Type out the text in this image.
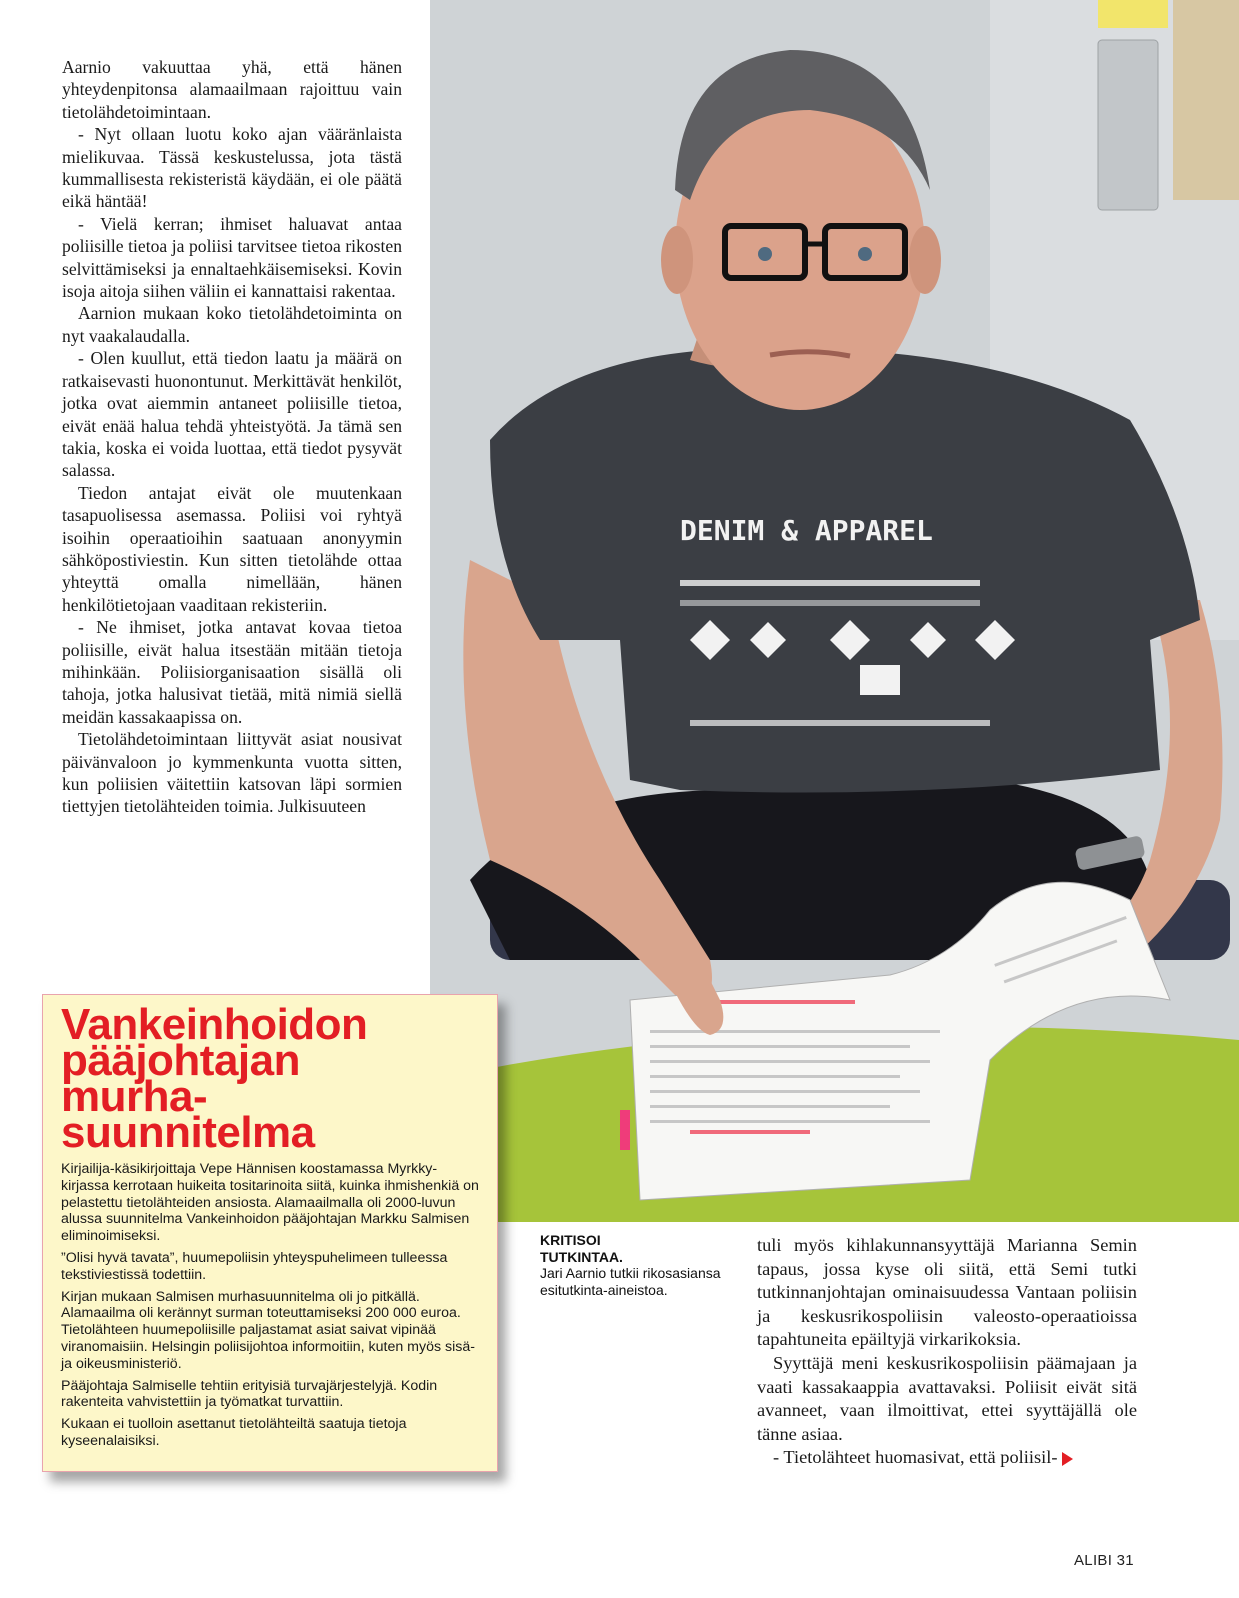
Aarnio vakuuttaa yhä, että hänen yhteydenpitonsa alamaailmaan rajoittuu vain tietolähdetoimintaan.

- Nyt ollaan luotu koko ajan vääränlaista mielikuvaa. Tässä keskustelussa, jota tästä kummallisesta rekisteristä käydään, ei ole päätä eikä häntää!

- Vielä kerran; ihmiset haluavat antaa poliisille tietoa ja poliisi tarvitsee tietoa rikosten selvittämiseksi ja ennaltaehkäisemiseksi. Kovin isoja aitoja siihen väliin ei kannattaisi rakentaa.

Aarnion mukaan koko tietolähdetoiminta on nyt vaakalaudalla.

- Olen kuullut, että tiedon laatu ja määrä on ratkaisevasti huonontunut. Merkittävät henkilöt, jotka ovat aiemmin antaneet poliisille tietoa, eivät enää halua tehdä yhteistyötä. Ja tämä sen takia, koska ei voida luottaa, että tiedot pysyvät salassa.

Tiedon antajat eivät ole muutenkaan tasapuolisessa asemassa. Poliisi voi ryhtyä isoihin operaatioihin saatuaan anonyymin sähköpostiviestin. Kun sitten tietolähde ottaa yhteyttä omalla nimellään, hänen henkilötietojaan vaaditaan rekisteriin.

- Ne ihmiset, jotka antavat kovaa tietoa poliisille, eivät halua itsestään mitään tietoja mihinkään. Poliisiorganisaation sisällä oli tahoja, jotka halusivat tietää, mitä nimiä siellä meidän kassakaapissa on.

Tietolähdetoimintaan liittyvät asiat nousivat päivänvaloon jo kymmenkunta vuotta sitten, kun poliisien väitettiin katsovan läpi sormien tiettyjen tietolähteiden toimia. Julkisuuteen

DENIM & APPAREL
KRITISOI
TUTKINTAA.
Jari Aarnio tutkii rikosasiansa esitutkinta-aineistoa.

tuli myös kihlakunnansyyttäjä Marianna Semin tapaus, jossa kyse oli siitä, että Semi tutki tutkinnanjohtajan ominaisuudessa Vantaan poliisin ja keskusrikospoliisin valeosto-operaatioissa tapahtuneita epäiltyjä virkarikoksia.

Syyttäjä meni keskusrikospoliisin päämajaan ja vaati kassakaappia avattavaksi. Poliisit eivät sitä avanneet, vaan ilmoittivat, ettei syyttäjällä ole tänne asiaa.

- Tietolähteet huomasivat, että poliisil-

Vankeinhoidon
pääjohtajan
murha-
suunnitelma

Kirjailija-käsikirjoittaja Vepe Hännisen koostamassa Myrkky-kirjassa kerrotaan huikeita tositarinoita siitä, kuinka ihmishenkiä on pelastettu tietolähteiden ansiosta. Alamaailmalla oli 2000-luvun alussa suunnitelma Vankeinhoidon pääjohtajan Markku Salmisen eliminoimiseksi.

”Olisi hyvä tavata”, huumepoliisin yhteyspuhelimeen tulleessa tekstiviestissä todettiin.

Kirjan mukaan Salmisen murhasuunnitelma oli jo pitkällä. Alamaailma oli kerännyt surman toteuttamiseksi 200 000 euroa. Tietolähteen huumepoliisille paljastamat asiat saivat vipinää viranomaisiin. Helsingin poliisijohtoa informoitiin, kuten myös sisä- ja oikeusministeriö.

Pääjohtaja Salmiselle tehtiin erityisiä turvajärjestelyjä. Kodin rakenteita vahvistettiin ja työmatkat turvattiin.

Kukaan ei tuolloin asettanut tietolähteiltä saatuja tietoja kyseenalaisiksi.

ALIBI 31
